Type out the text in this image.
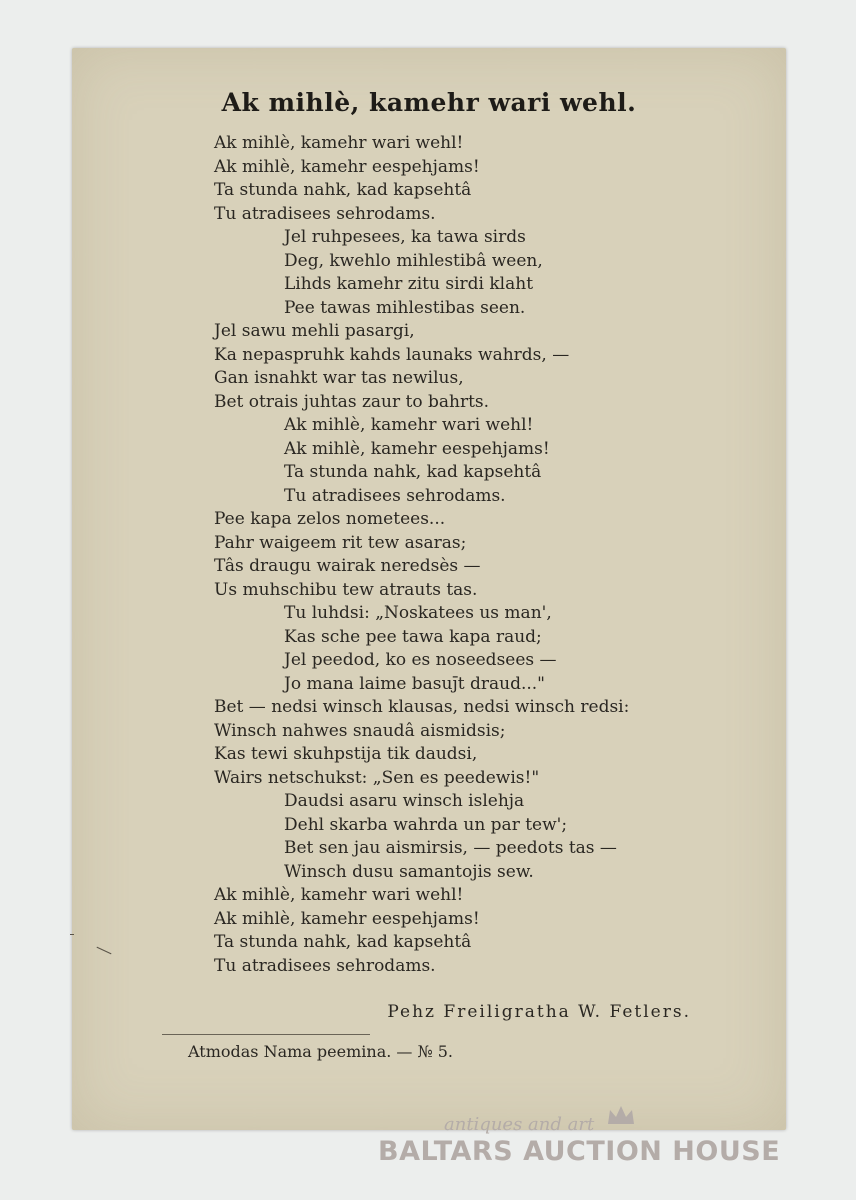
Ak mihlè, kamehr wari wehl.
Ak mihlè, kamehr wari wehl!
Ak mihlè, kamehr eespehjams!
Ta stunda nahk, kad kapsehtâ
Tu atradisees sehrodams.
Jel ruhpesees, ka tawa sirds
Deg, kwehlo mihlestibâ ween,
Lihds kamehr zitu sirdi klaht
Pee tawas mihlestibas seen.
Jel sawu mehli pasargi,
Ka nepaspruhk kahds launaks wahrds, —
Gan isnahkt war tas newilus,
Bet otrais juhtas zaur to bahrts.
Ak mihlè, kamehr wari wehl!
Ak mihlè, kamehr eespehjams!
Ta stunda nahk, kad kapsehtâ
Tu atradisees sehrodams.
Pee kapa zelos nometees...
Pahr waigeem rit tew asaras;
Tâs draugu wairak neredsès —
Us muhschibu tew atrauts tas.
Tu luhdsi: „Noskatees us man',
Kas sche pee tawa kapa raud;
Jel peedod, ko es noseedsees —
Jo mana laime basuj̄t draud..."
Bet — nedsi winsch klausas, nedsi winsch redsi:
Winsch nahwes snaudâ aismidsis;
Kas tewi skuhpstija tik daudsi,
Wairs netschukst: „Sen es peedewis!"
Daudsi asaru winsch islehja
Dehl skarba wahrda un par tew';
Bet sen jau aismirsis, — peedots tas —
Winsch dusu samantojis sew.
Ak mihlè, kamehr wari wehl!
Ak mihlè, kamehr eespehjams!
Ta stunda nahk, kad kapsehtâ
Tu atradisees sehrodams.
Pehz Freiligratha W. Fetlers.
Atmodas Nama peemina. — № 5.
antiques and art
BALTARS AUCTION HOUSE
